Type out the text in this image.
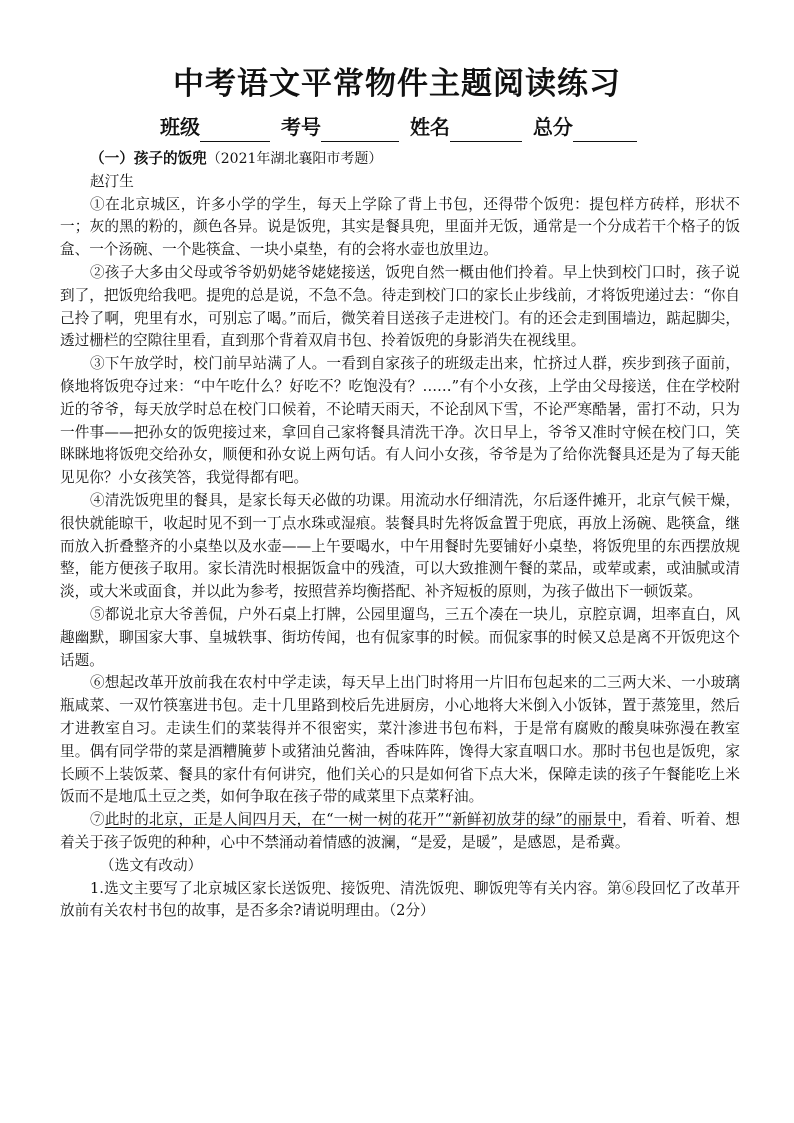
中考语文平常物件主题阅读练习
班级	考号	姓名	总分

（一）孩子的饭兜（2021年湖北襄阳市考题）

赵汀生

①在北京城区，许多小学的学生，每天上学除了背上书包，还得带个饭兜：提包样方砖样，形状不一；灰的黑的粉的，颜色各异。说是饭兜，其实是餐具兜，里面并无饭，通常是一个分成若干个格子的饭盒、一个汤碗、一个匙筷盒、一块小桌垫，有的会将水壶也放里边。

②孩子大多由父母或爷爷奶奶姥爷姥姥接送，饭兜自然一概由他们拎着。早上快到校门口时，孩子说到了，把饭兜给我吧。提兜的总是说，不急不急。待走到校门口的家长止步线前，才将饭兜递过去：“你自己拎了啊，兜里有水，可别忘了喝。”而后，微笑着目送孩子走进校门。有的还会走到围墙边，踮起脚尖，透过栅栏的空隙往里看，直到那个背着双肩书包、拎着饭兜的身影消失在视线里。

③下午放学时，校门前早站满了人。一看到自家孩子的班级走出来，忙挤过人群，疾步到孩子面前，倏地将饭兜夺过来：“中午吃什么？好吃不？吃饱没有？……”有个小女孩，上学由父母接送，住在学校附近的爷爷，每天放学时总在校门口候着，不论晴天雨天，不论刮风下雪，不论严寒酷暑，雷打不动，只为一件事——把孙女的饭兜接过来，拿回自己家将餐具清洗干净。次日早上，爷爷又准时守候在校门口，笑眯眯地将饭兜交给孙女，顺便和孙女说上两句话。有人问小女孩，爷爷是为了给你洗餐具还是为了每天能见见你？小女孩笑答，我觉得都有吧。

④清洗饭兜里的餐具，是家长每天必做的功课。用流动水仔细清洗，尔后逐件摊开，北京气候干燥，很快就能晾干，收起时见不到一丁点水珠或湿痕。装餐具时先将饭盒置于兜底，再放上汤碗、匙筷盒，继而放入折叠整齐的小桌垫以及水壶——上午要喝水，中午用餐时先要铺好小桌垫，将饭兜里的东西摆放规整，能方便孩子取用。家长清洗时根据饭盒中的残渣，可以大致推测午餐的菜品，或荤或素，或油腻或清淡，或大米或面食，并以此为参考，按照营养均衡搭配、补齐短板的原则，为孩子做出下一顿饭菜。

⑤都说北京大爷善侃，户外石桌上打牌，公园里遛鸟，三五个凑在一块儿，京腔京调，坦率直白，风趣幽默，聊国家大事、皇城轶事、街坊传闻，也有侃家事的时候。而侃家事的时候又总是离不开饭兜这个话题。

⑥想起改革开放前我在农村中学走读，每天早上出门时将用一片旧布包起来的二三两大米、一小玻璃瓶咸菜、一双竹筷塞进书包。走十几里路到校后先进厨房，小心地将大米倒入小饭钵，置于蒸笼里，然后才进教室自习。走读生们的菜装得并不很密实，菜汁渗进书包布料，于是常有腐败的酸臭味弥漫在教室里。偶有同学带的菜是酒糟腌萝卜或猪油兑酱油，香味阵阵，馋得大家直咽口水。那时书包也是饭兜，家长顾不上装饭菜、餐具的家什有何讲究，他们关心的只是如何省下点大米，保障走读的孩子午餐能吃上米饭而不是地瓜土豆之类，如何争取在孩子带的咸菜里下点菜籽油。

⑦此时的北京，正是人间四月天，在“一树一树的花开”“新鲜初放芽的绿”的丽景中，看着、听着、想着关于孩子饭兜的种种，心中不禁涌动着情感的波澜，“是爱，是暖”，是感恩，是希冀。

（选文有改动）

1.选文主要写了北京城区家长送饭兜、接饭兜、清洗饭兜、聊饭兜等有关内容。第⑥段回忆了改革开放前有关农村书包的故事，是否多余?请说明理由。（2分）
